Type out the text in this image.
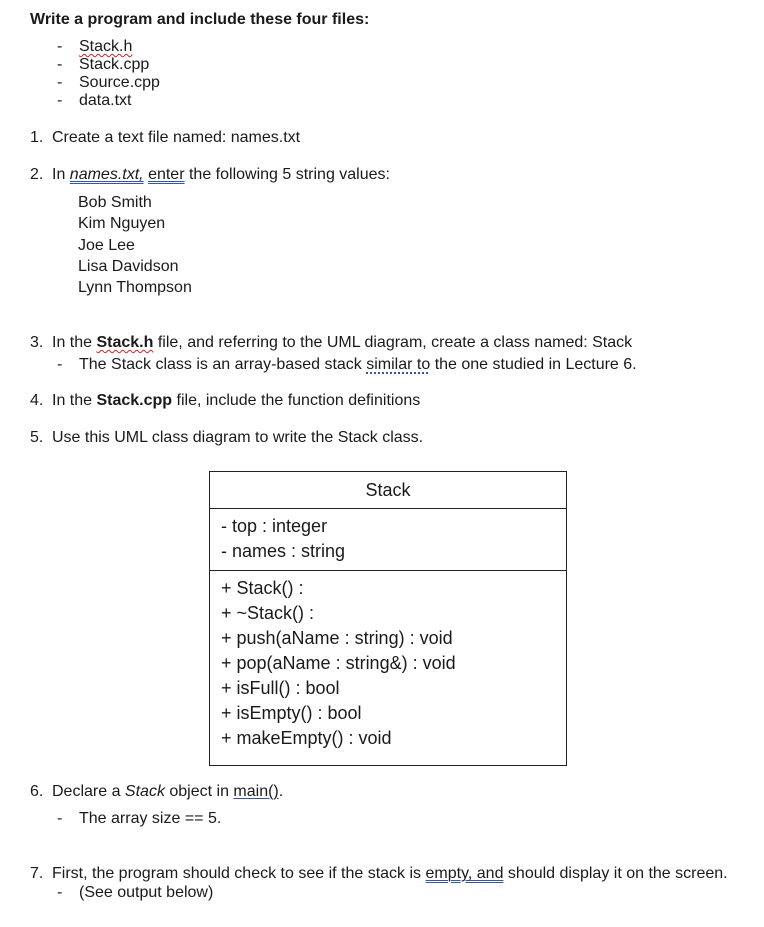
Write a program and include these four files:
- Stack.h
- Stack.cpp
- Source.cpp
- data.txt
1. Create a text file named: names.txt
2. In names.txt, enter the following 5 string values:
Bob Smith
Kim Nguyen
Joe Lee
Lisa Davidson
Lynn Thompson
3. In the Stack.h file, and referring to the UML diagram, create a class named: Stack
- The Stack class is an array-based stack similar to the one studied in Lecture 6.
4. In the Stack.cpp file, include the function definitions
5. Use this UML class diagram to write the Stack class.
Stack
- top : integer
- names : string
+ Stack() :
+ ~Stack() :
+ push(aName : string) : void
+ pop(aName : string&) : void
+ isFull() : bool
+ isEmpty() : bool
+ makeEmpty() : void
6. Declare a Stack object in main().
- The array size == 5.
7. First, the program should check to see if the stack is empty, and should display it on the screen.
- (See output below)
